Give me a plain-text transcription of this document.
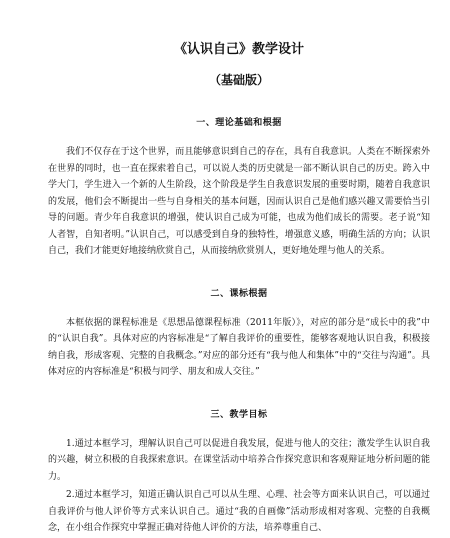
《认识自己》教学设计
（基础版）
一、理论基础和根据

我们不仅存在于这个世界，而且能够意识到自己的存在，具有自我意识。人类在不断探索外在世界的同时，也一直在探索着自己，可以说人类的历史就是一部不断认识自己的历史。跨入中学大门，学生进入一个新的人生阶段，这个阶段是学生自我意识发展的重要时期，随着自我意识的发展，他们会不断提出一些与自身相关的基本问题，因而认识自己是他们感兴趣又需要恰当引导的问题。青少年自我意识的增强，使认识自己成为可能，也成为他们成长的需要。老子说“知人者智，自知者明。”认识自己，可以感受到自身的独特性，增强意义感，明确生活的方向；认识自己，我们才能更好地接纳欣赏自己，从而接纳欣赏别人，更好地处理与他人的关系。

二、课标根据

本框依据的课程标准是《思想品德课程标准（2011年版）》，对应的部分是“成长中的我”中的“认识自我”。具体对应的内容标准是“了解自我评价的重要性，能够客观地认识自我，积极接纳自我，形成客观、完整的自我概念。”对应的部分还有“我与他人和集体”中的“交往与沟通”。具体对应的内容标准是“积极与同学、朋友和成人交往。”

三、教学目标

1.通过本框学习，理解认识自己可以促进自我发展，促进与他人的交往；激发学生认识自我的兴趣，树立积极的自我探索意识。在课堂活动中培养合作探究意识和客观辩证地分析问题的能力。

2.通过本框学习，知道正确认识自己可以从生理、心理、社会等方面来认识自己，可以通过自我评价与他人评价等方式来认识自己。通过“我的自画像”活动形成相对客观、完整的自我概念，在小组合作探究中掌握正确对待他人评价的方法，培养尊重自己、
